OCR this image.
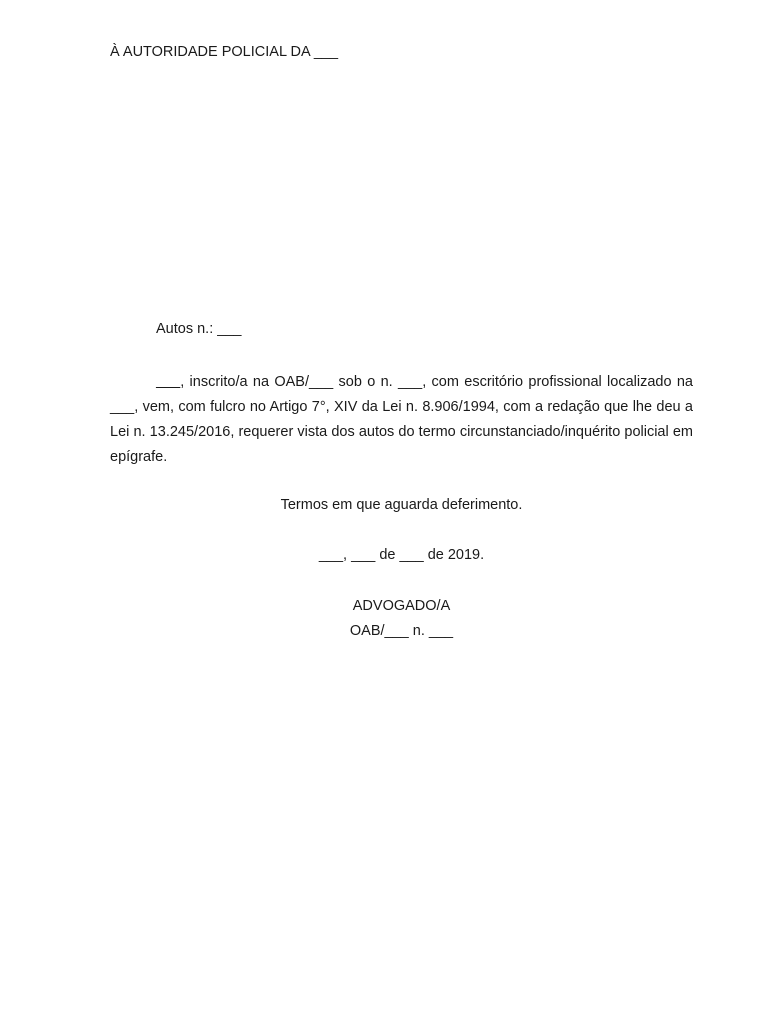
À AUTORIDADE POLICIAL DA ___
Autos n.: ___
___, inscrito/a na OAB/___ sob o n. ___, com escritório profissional localizado na ___, vem, com fulcro no Artigo 7°, XIV da Lei n. 8.906/1994, com a redação que lhe deu a Lei n. 13.245/2016, requerer vista dos autos do termo circunstanciado/inquérito policial em epígrafe.
Termos em que aguarda deferimento.
___, ___ de ___ de 2019.
ADVOGADO/A
OAB/___ n. ___
